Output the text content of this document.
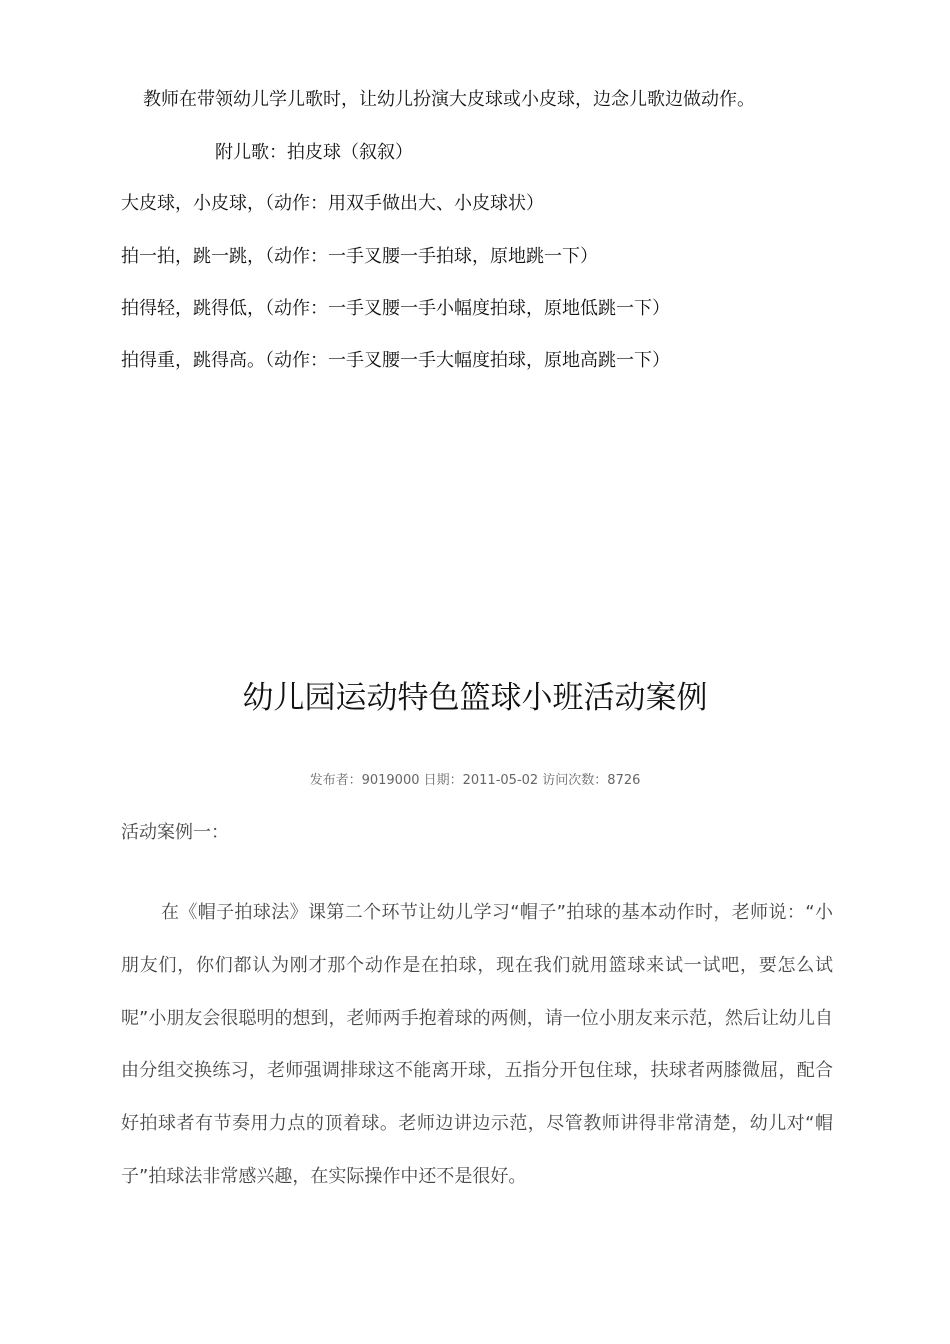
教师在带领幼儿学儿歌时，让幼儿扮演大皮球或小皮球，边念儿歌边做动作。

附儿歌：拍皮球（叙叙）

大皮球，小皮球，（动作：用双手做出大、小皮球状）

拍一拍，跳一跳，（动作：一手叉腰一手拍球，原地跳一下）

拍得轻，跳得低，（动作：一手叉腰一手小幅度拍球，原地低跳一下）

拍得重，跳得高。（动作：一手叉腰一手大幅度拍球，原地高跳一下）

幼儿园运动特色篮球小班活动案例

发布者：9019000 日期：2011-05-02 访问次数：8726

活动案例一：

在《帽子拍球法》课第二个环节让幼儿学习“帽子”拍球的基本动作时，老师说：“小朋友们，你们都认为刚才那个动作是在拍球，现在我们就用篮球来试一试吧，要怎么试呢”小朋友会很聪明的想到，老师两手抱着球的两侧，请一位小朋友来示范，然后让幼儿自由分组交换练习，老师强调排球这不能离开球，五指分开包住球，扶球者两膝微屈，配合好拍球者有节奏用力点的顶着球。老师边讲边示范，尽管教师讲得非常清楚，幼儿对“帽子”拍球法非常感兴趣，在实际操作中还不是很好。
